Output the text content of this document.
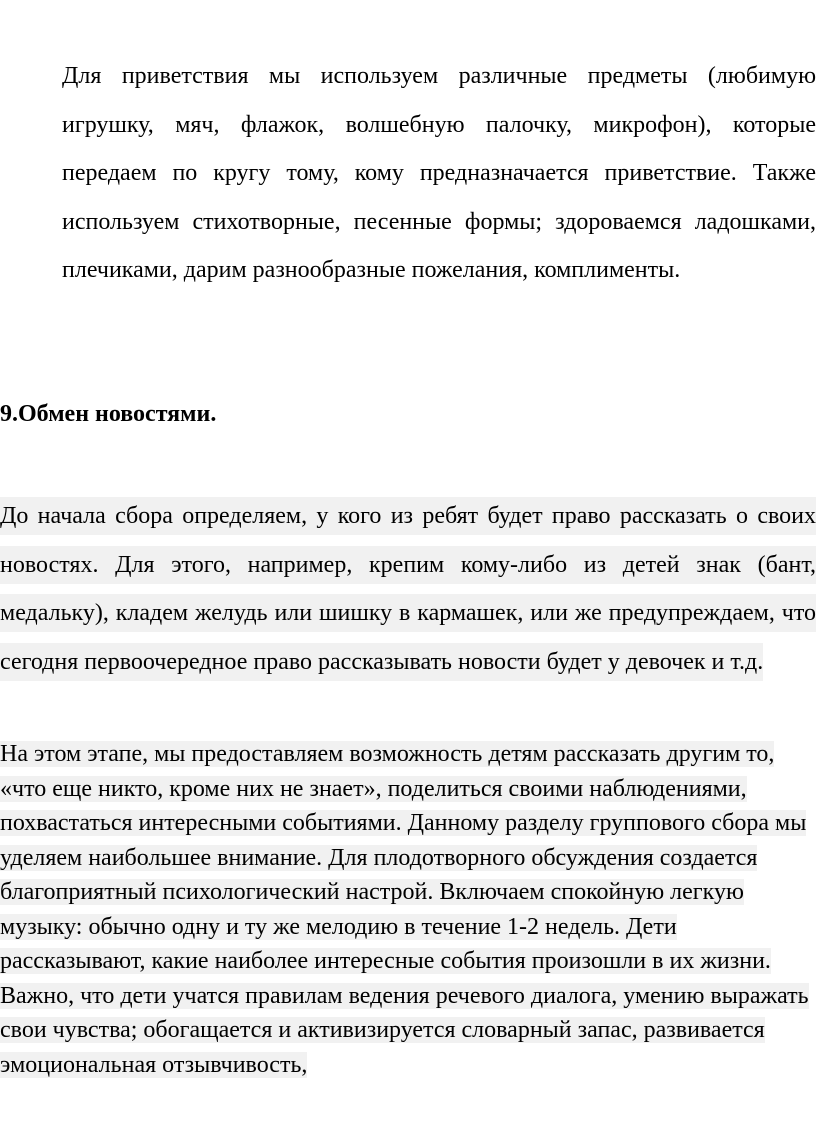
Для приветствия мы используем различные предметы (любимую игрушку, мяч, флажок, волшебную палочку, микрофон), которые передаем по кругу тому, кому предназначается приветствие. Также используем стихотворные, песенные формы; здороваемся ладошками, плечиками, дарим разнообразные пожелания, комплименты.

9.Обмен новостями.

До начала сбора определяем, у кого из ребят будет право рассказать о своих новостях. Для этого, например, крепим кому-либо из детей знак (бант, медальку), кладем желудь или шишку в кармашек, или же предупреждаем, что сегодня первоочередное право рассказывать новости будет у девочек и т.д.

На этом этапе, мы предоставляем возможность детям рассказать другим то, «что еще никто, кроме них не знает», поделиться своими наблюдениями, похвастаться интересными событиями. Данному разделу группового сбора мы уделяем наибольшее внимание. Для плодотворного обсуждения создается благоприятный психологический настрой. Включаем спокойную легкую музыку: обычно одну и ту же мелодию в течение 1-2 недель. Дети рассказывают, какие наиболее интересные события произошли в их жизни. Важно, что дети учатся правилам ведения речевого диалога, умению выражать свои чувства; обогащается и активизируется словарный запас, развивается эмоциональная отзывчивость,
